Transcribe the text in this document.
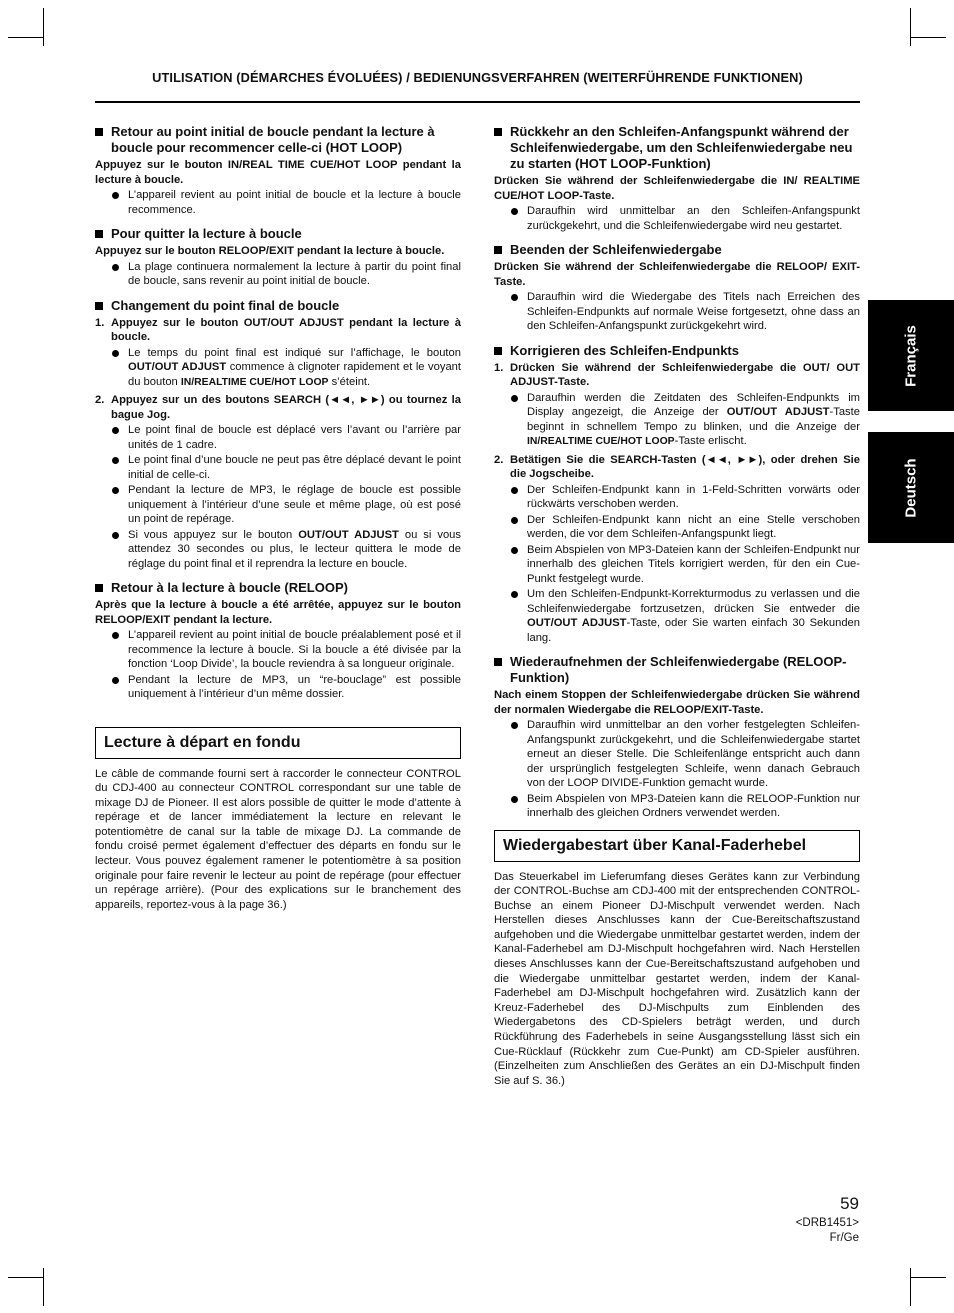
UTILISATION (DÉMARCHES ÉVOLUÉES) / BEDIENUNGSVERFAHREN (WEITERFÜHRENDE FUNKTIONEN)
Français
Deutsch
Retour au point initial de boucle pendant la lecture à boucle pour recommencer celle-ci (HOT LOOP)

Appuyez sur le bouton IN/REAL TIME CUE/HOT LOOP pendant la lecture à boucle.

L’appareil revient au point initial de boucle et la lecture à boucle recommence.
Pour quitter la lecture à boucle

Appuyez sur le bouton RELOOP/EXIT pendant la lecture à boucle.

La plage continuera normalement la lecture à partir du point final de boucle, sans revenir au point initial de boucle.
Changement du point final de boucle

1. Appuyez sur le bouton OUT/OUT ADJUST pendant la lecture à boucle.

Le temps du point final est indiqué sur l’affichage, le bouton OUT/OUT ADJUST commence à clignoter rapidement et le voyant du bouton IN/REALTIME CUE/HOT LOOP s’éteint.

2. Appuyez sur un des boutons SEARCH (◄◄, ►►) ou tournez la bague Jog.

Le point final de boucle est déplacé vers l’avant ou l’arrière par unités de 1 cadre.
Le point final d’une boucle ne peut pas être déplacé devant le point initial de celle-ci.
Pendant la lecture de MP3, le réglage de boucle est possible uniquement à l’intérieur d’une seule et même plage, où est posé un point de repérage.
Si vous appuyez sur le bouton OUT/OUT ADJUST ou si vous attendez 30 secondes ou plus, le lecteur quittera le mode de réglage du point final et il reprendra la lecture en boucle.
Retour à la lecture à boucle (RELOOP)

Après que la lecture à boucle a été arrêtée, appuyez sur le bouton RELOOP/EXIT pendant la lecture.

L’appareil revient au point initial de boucle préalablement posé et il recommence la lecture à boucle. Si la boucle a été divisée par la fonction ‘Loop Divide’, la boucle reviendra à sa longueur originale.
Pendant la lecture de MP3, un “re-bouclage” est possible uniquement à l’intérieur d’un même dossier.
Lecture à départ en fondu

Le câble de commande fourni sert à raccorder le connecteur CONTROL du CDJ-400 au connecteur CONTROL correspondant sur une table de mixage DJ de Pioneer. Il est alors possible de quitter le mode d’attente à repérage et de lancer immédiatement la lecture en relevant le potentiomètre de canal sur la table de mixage DJ. La commande de fondu croisé permet également d’effectuer des départs en fondu sur le lecteur. Vous pouvez également ramener le potentiomètre à sa position originale pour faire revenir le lecteur au point de repérage (pour effectuer un repérage arrière). (Pour des explications sur le branchement des appareils, reportez-vous à la page 36.)

Rückkehr an den Schleifen-Anfangspunkt während der Schleifenwiedergabe, um den Schleifenwiedergabe neu zu starten (HOT LOOP-Funktion)

Drücken Sie während der Schleifenwiedergabe die IN/ REALTIME CUE/HOT LOOP-Taste.

Daraufhin wird unmittelbar an den Schleifen-Anfangspunkt zurückgekehrt, und die Schleifenwiedergabe wird neu gestartet.
Beenden der Schleifenwiedergabe

Drücken Sie während der Schleifenwiedergabe die RELOOP/ EXIT-Taste.

Daraufhin wird die Wiedergabe des Titels nach Erreichen des Schleifen-Endpunkts auf normale Weise fortgesetzt, ohne dass an den Schleifen-Anfangspunkt zurückgekehrt wird.
Korrigieren des Schleifen-Endpunkts

1. Drücken Sie während der Schleifenwiedergabe die OUT/ OUT ADJUST-Taste.

Daraufhin werden die Zeitdaten des Schleifen-Endpunkts im Display angezeigt, die Anzeige der OUT/OUT ADJUST-Taste beginnt in schnellem Tempo zu blinken, und die Anzeige der IN/REALTIME CUE/HOT LOOP-Taste erlischt.

2. Betätigen Sie die SEARCH-Tasten (◄◄, ►►), oder drehen Sie die Jogscheibe.

Der Schleifen-Endpunkt kann in 1-Feld-Schritten vorwärts oder rückwärts verschoben werden.
Der Schleifen-Endpunkt kann nicht an eine Stelle verschoben werden, die vor dem Schleifen-Anfangspunkt liegt.
Beim Abspielen von MP3-Dateien kann der Schleifen-Endpunkt nur innerhalb des gleichen Titels korrigiert werden, für den ein Cue-Punkt festgelegt wurde.
Um den Schleifen-Endpunkt-Korrekturmodus zu verlassen und die Schleifenwiedergabe fortzusetzen, drücken Sie entweder die OUT/OUT ADJUST-Taste, oder Sie warten einfach 30 Sekunden lang.
Wiederaufnehmen der Schleifenwiedergabe (RELOOP-Funktion)

Nach einem Stoppen der Schleifenwiedergabe drücken Sie während der normalen Wiedergabe die RELOOP/EXIT-Taste.

Daraufhin wird unmittelbar an den vorher festgelegten Schleifen-Anfangspunkt zurückgekehrt, und die Schleifenwiedergabe startet erneut an dieser Stelle. Die Schleifenlänge entspricht auch dann der ursprünglich festgelegten Schleife, wenn danach Gebrauch von der LOOP DIVIDE-Funktion gemacht wurde.
Beim Abspielen von MP3-Dateien kann die RELOOP-Funktion nur innerhalb des gleichen Ordners verwendet werden.
Wiedergabestart über Kanal-Faderhebel

Das Steuerkabel im Lieferumfang dieses Gerätes kann zur Verbindung der CONTROL-Buchse am CDJ-400 mit der entsprechenden CONTROL-Buchse an einem Pioneer DJ-Mischpult verwendet werden. Nach Herstellen dieses Anschlusses kann der Cue-Bereitschaftszustand aufgehoben und die Wiedergabe unmittelbar gestartet werden, indem der Kanal-Faderhebel am DJ-Mischpult hochgefahren wird. Nach Herstellen dieses Anschlusses kann der Cue-Bereitschaftszustand aufgehoben und die Wiedergabe unmittelbar gestartet werden, indem der Kanal-Faderhebel am DJ-Mischpult hochgefahren wird. Zusätzlich kann der Kreuz-Faderhebel des DJ-Mischpults zum Einblenden des Wiedergabetons des CD-Spielers beträgt werden, und durch Rückführung des Faderhebels in seine Ausgangsstellung lässt sich ein Cue-Rücklauf (Rückkehr zum Cue-Punkt) am CD-Spieler ausführen. (Einzelheiten zum Anschließen des Gerätes an ein DJ-Mischpult finden Sie auf S. 36.)

59
<DRB1451>
Fr/Ge
